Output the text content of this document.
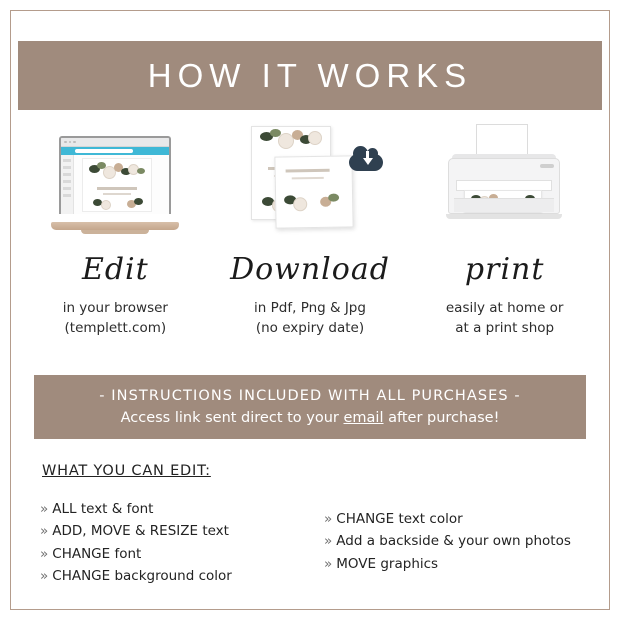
HOW IT WORKS
Edit
in your browser
(templett.com)
Download
in Pdf, Png & Jpg
(no expiry date)
print
easily at home or
at a print shop
- INSTRUCTIONS INCLUDED WITH ALL PURCHASES -
Access link sent direct to your email after purchase!
WHAT YOU CAN EDIT:
» ALL text & font
» ADD, MOVE & RESIZE text
» CHANGE font
» CHANGE background color
» CHANGE text color
» Add a backside & your own photos
» MOVE graphics
